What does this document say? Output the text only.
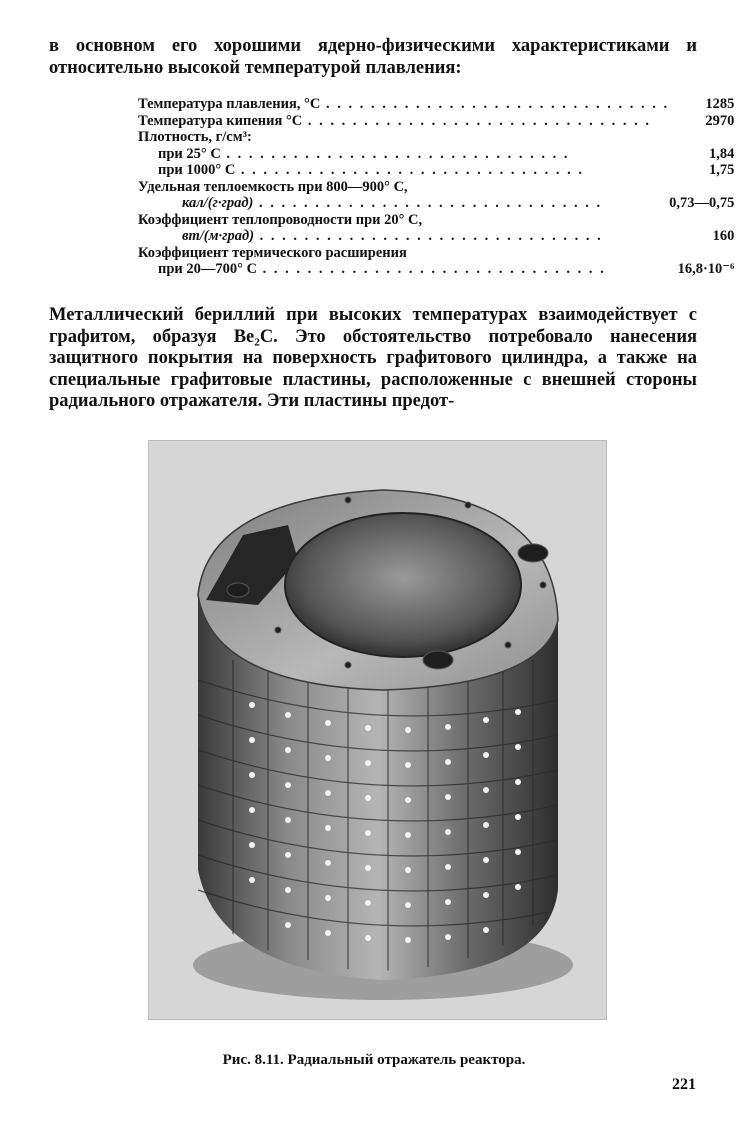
в основном его хорошими ядерно-физическими характеристиками и относительно высокой температурой плавления:

Температура плавления, °С . . .	1285
Температура кипения °С . . .	2970
Плотность, г/см³:	
при 25° С . . .	1,84
при 1000° С . . .	1,75
Удельная теплоемкость при 800—900° С,	
кал/(г·град) . . .	0,73—0,75
Коэффициент теплопроводности при 20° С,	
вт/(м·град) . . .	160
Коэффициент термического расширения	
при 20—700° С . . .	16,8·10⁻⁶

Металлический бериллий при высоких температурах взаимодействует с графитом, образуя Be₂C. Это обстоятельство потребовало нанесения защитного покрытия на поверхность графитового цилиндра, а также на специальные графитовые пластины, расположенные с внешней стороны радиального отражателя. Эти пластины предот-

Рис. 8.11. Радиальный отражатель реактора.
221
